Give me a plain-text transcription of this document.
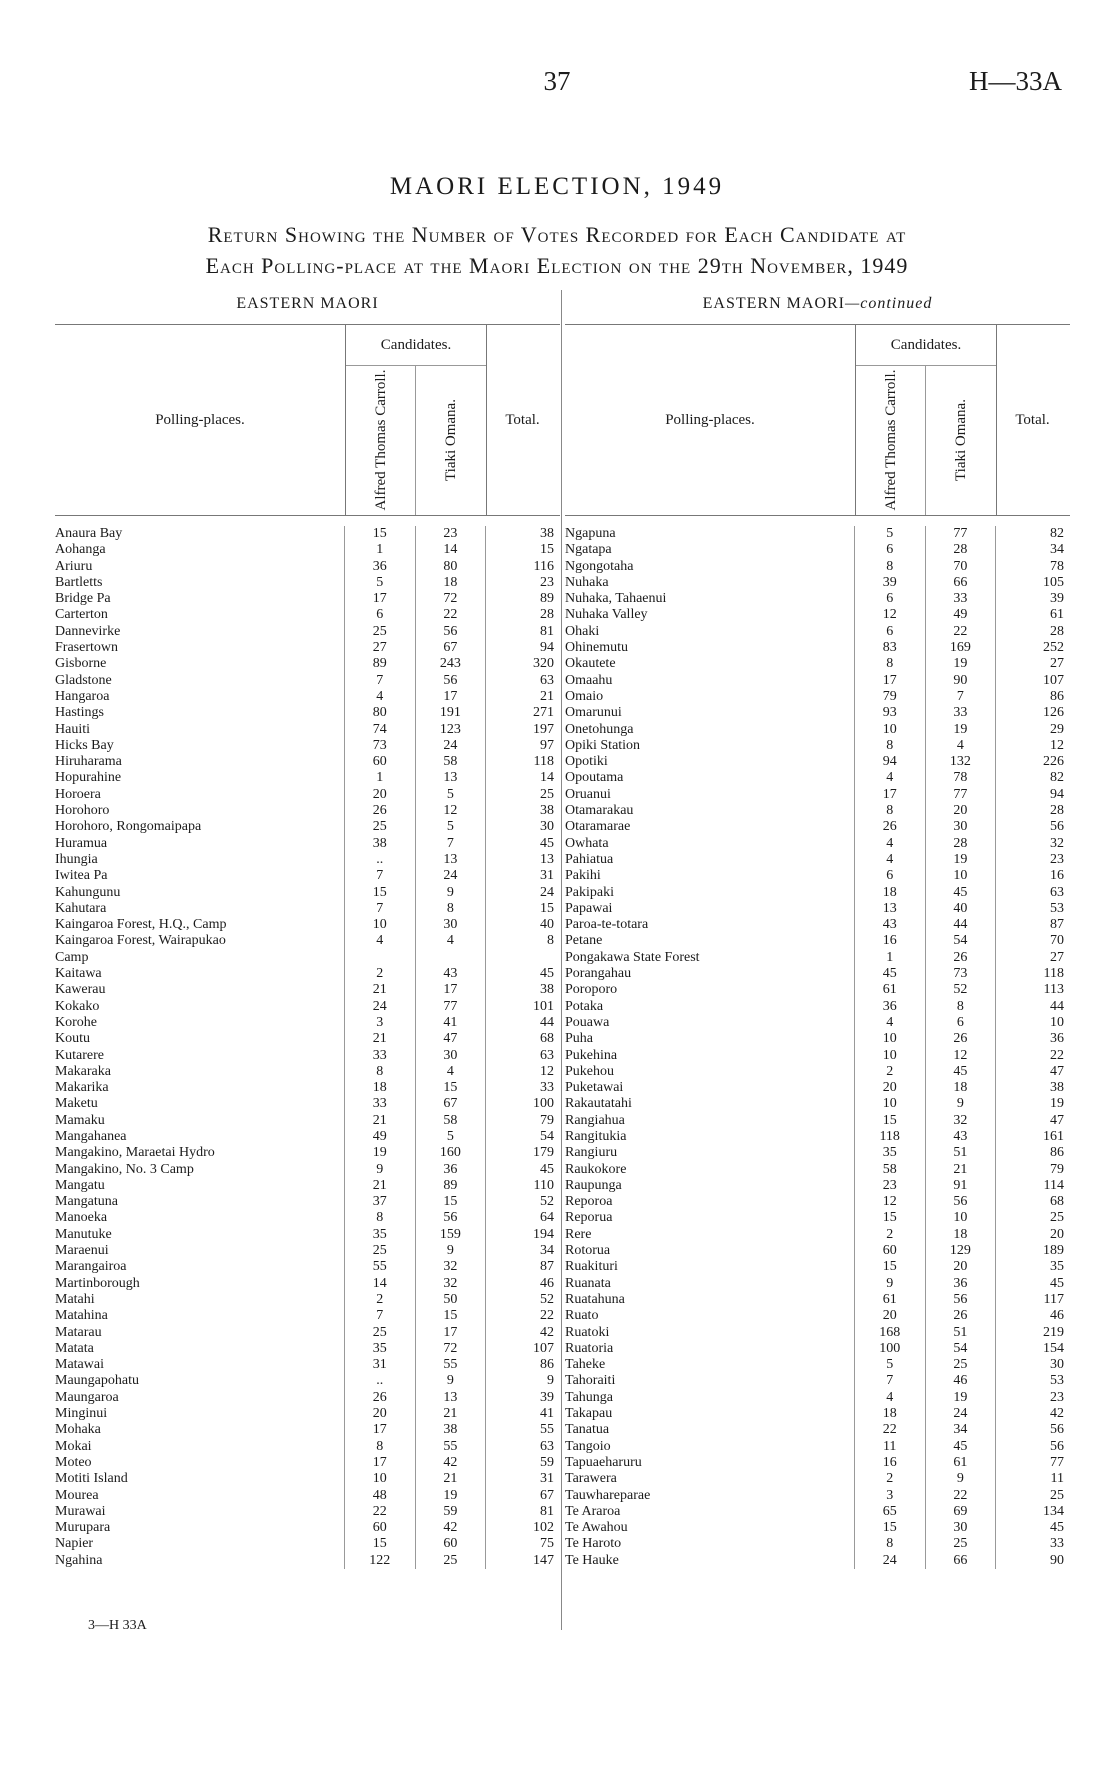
37	H—33A
MAORI ELECTION, 1949
Return Showing the Number of Votes Recorded for Each Candidate at
Each Polling-place at the Maori Election on the 29th November, 1949
EASTERN MAORI
Polling-places.
Candidates.
Alfred Thomas Carroll.	Tiaki Omana.	Total.
Anaura Bay	15	23	38
Aohanga	1	14	15
Ariuru	36	80	116
Bartletts	5	18	23
Bridge Pa	17	72	89
Carterton	6	22	28
Dannevirke	25	56	81
Frasertown	27	67	94
Gisborne	89	243	320
Gladstone	7	56	63
Hangaroa	4	17	21
Hastings	80	191	271
Hauiti	74	123	197
Hicks Bay	73	24	97
Hiruharama	60	58	118
Hopurahine	1	13	14
Horoera	20	5	25
Horohoro	26	12	38
Horohoro, Rongomaipapa	25	5	30
Huramua	38	7	45
Ihungia	..	13	13
Iwitea Pa	7	24	31
Kahungunu	15	9	24
Kahutara	7	8	15
Kaingaroa Forest, H.Q., Camp	10	30	40
Kaingaroa Forest, Wairapukao	4	4	8
Camp
Kaitawa	2	43	45
Kawerau	21	17	38
Kokako	24	77	101
Korohe	3	41	44
Koutu	21	47	68
Kutarere	33	30	63
Makaraka	8	4	12
Makarika	18	15	33
Maketu	33	67	100
Mamaku	21	58	79
Mangahanea	49	5	54
Mangakino, Maraetai Hydro	19	160	179
Mangakino, No. 3 Camp	9	36	45
Mangatu	21	89	110
Mangatuna	37	15	52
Manoeka	8	56	64
Manutuke	35	159	194
Maraenui	25	9	34
Marangairoa	55	32	87
Martinborough	14	32	46
Matahi	2	50	52
Matahina	7	15	22
Matarau	25	17	42
Matata	35	72	107
Matawai	31	55	86
Maungapohatu	..	9	9
Maungaroa	26	13	39
Minginui	20	21	41
Mohaka	17	38	55
Mokai	8	55	63
Moteo	17	42	59
Motiti Island	10	21	31
Mourea	48	19	67
Murawai	22	59	81
Murupara	60	42	102
Napier	15	60	75
Ngahina	122	25	147
EASTERN MAORI—continued
Polling-places.
Candidates.
Alfred Thomas Carroll.	Tiaki Omana.	Total.
Ngapuna	5	77	82
Ngatapa	6	28	34
Ngongotaha	8	70	78
Nuhaka	39	66	105
Nuhaka, Tahaenui	6	33	39
Nuhaka Valley	12	49	61
Ohaki	6	22	28
Ohinemutu	83	169	252
Okautete	8	19	27
Omaahu	17	90	107
Omaio	79	7	86
Omarunui	93	33	126
Onetohunga	10	19	29
Opiki Station	8	4	12
Opotiki	94	132	226
Opoutama	4	78	82
Oruanui	17	77	94
Otamarakau	8	20	28
Otaramarae	26	30	56
Owhata	4	28	32
Pahiatua	4	19	23
Pakihi	6	10	16
Pakipaki	18	45	63
Papawai	13	40	53
Paroa-te-totara	43	44	87
Petane	16	54	70
Pongakawa State Forest	1	26	27
Porangahau	45	73	118
Poroporo	61	52	113
Potaka	36	8	44
Pouawa	4	6	10
Puha	10	26	36
Pukehina	10	12	22
Pukehou	2	45	47
Puketawai	20	18	38
Rakautatahi	10	9	19
Rangiahua	15	32	47
Rangitukia	118	43	161
Rangiuru	35	51	86
Raukokore	58	21	79
Raupunga	23	91	114
Reporoa	12	56	68
Reporua	15	10	25
Rere	2	18	20
Rotorua	60	129	189
Ruakituri	15	20	35
Ruanata	9	36	45
Ruatahuna	61	56	117
Ruato	20	26	46
Ruatoki	168	51	219
Ruatoria	100	54	154
Taheke	5	25	30
Tahoraiti	7	46	53
Tahunga	4	19	23
Takapau	18	24	42
Tanatua	22	34	56
Tangoio	11	45	56
Tapuaeharuru	16	61	77
Tarawera	2	9	11
Tauwhareparae	3	22	25
Te Araroa	65	69	134
Te Awahou	15	30	45
Te Haroto	8	25	33
Te Hauke	24	66	90
3—H 33A
